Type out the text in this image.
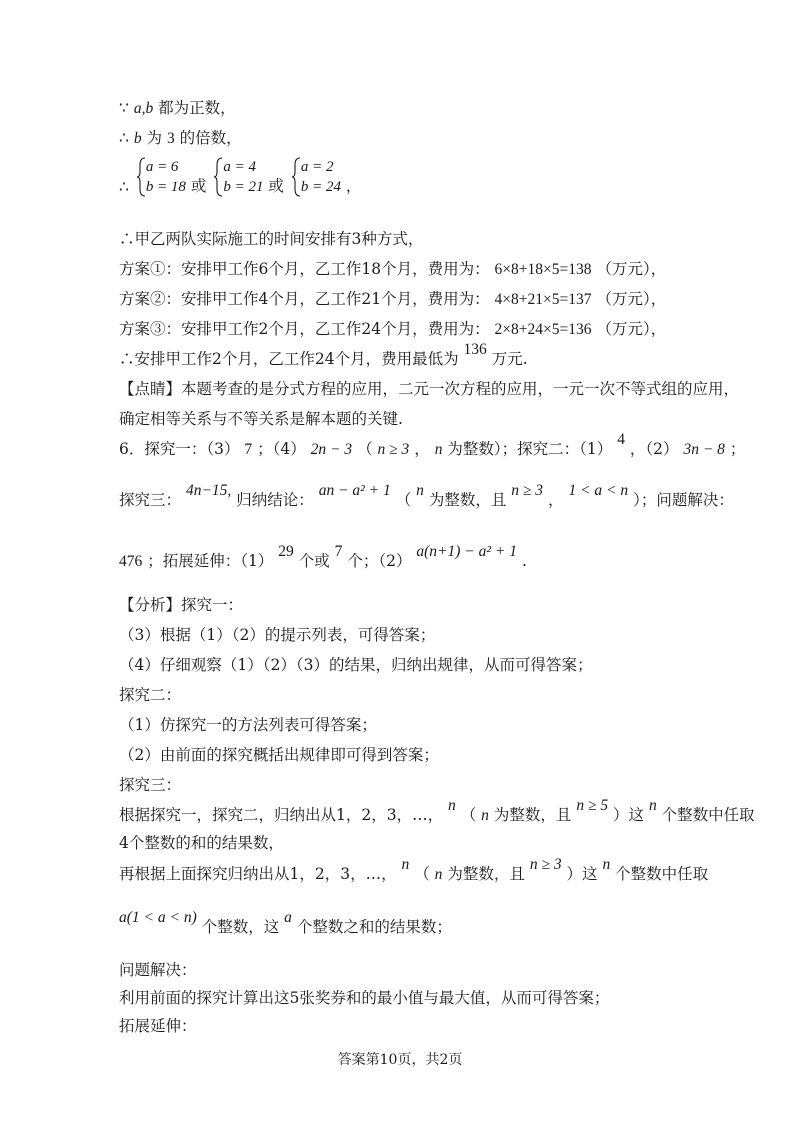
∵ a,b 都为正数，
∴ b 为 3 的倍数，
∴
a = 6
b = 18 或
a = 4
b = 21 或
a = 2
b = 24 ，
∴甲乙两队实际施工的时间安排有3种方式，
方案①：安排甲工作6个月，乙工作18个月，费用为： 6×8+18×5=138 （万元），
方案②：安排甲工作4个月，乙工作21个月，费用为： 4×8+21×5=137 （万元），
方案③：安排甲工作2个月，乙工作24个月，费用为： 2×8+24×5=136 （万元），
∴安排甲工作2个月，乙工作24个月，费用最低为 136 万元.
【点睛】本题考查的是分式方程的应用，二元一次方程的应用，一元一次不等式组的应用，
确定相等关系与不等关系是解本题的关键.
6．探究一：（3） 7 ；（4） 2n − 3 （ n ≥ 3 ， n 为整数）；探究二：（1） 4 ，（2） 3n − 8 ；
探究三： 4n−15, 归纳结论： an − a² + 1 （ n 为整数，且 n ≥ 3 ， 1 < a < n ）；问题解决：
476 ；拓展延伸：（1） 29 个或 7 个；（2） a(n+1) − a² + 1 .
【分析】探究一：
（3）根据（1）（2）的提示列表，可得答案；
（4）仔细观察（1）（2）（3）的结果，归纳出规律，从而可得答案；
探究二：
（1）仿探究一的方法列表可得答案；
（2）由前面的探究概括出规律即可得到答案；
探究三：
根据探究一，探究二，归纳出从1，2，3，…， n （ n 为整数，且 n ≥ 5 ）这 n 个整数中任取
4个整数的和的结果数，
再根据上面探究归纳出从1，2，3，…， n （ n 为整数，且 n ≥ 3 ）这 n 个整数中任取
a(1 < a < n) 个整数，这 a 个整数之和的结果数；
问题解决：
利用前面的探究计算出这5张奖券和的最小值与最大值，从而可得答案；
拓展延伸：
答案第10页，共2页
